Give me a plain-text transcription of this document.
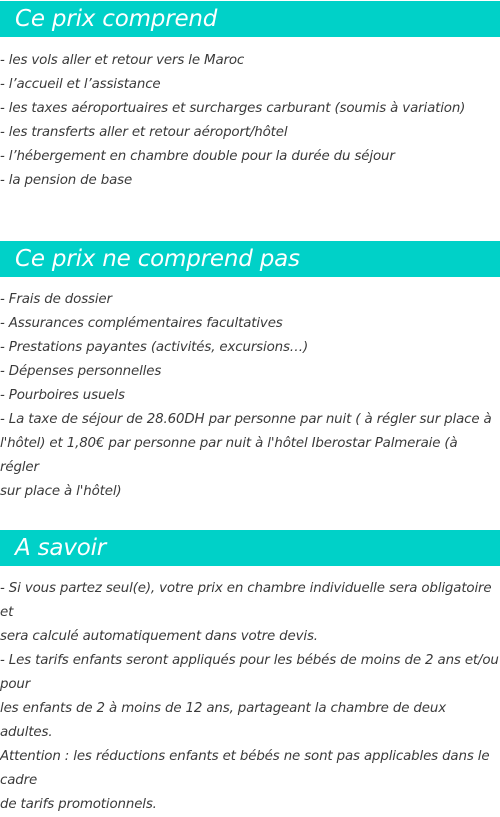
Ce prix comprend
- les vols aller et retour vers le Maroc
- l’accueil et l’assistance
- les taxes aéroportuaires et surcharges carburant (soumis à variation)
- les transferts aller et retour aéroport/hôtel
- l’hébergement en chambre double pour la durée du séjour
- la pension de base
Ce prix ne comprend pas
- Frais de dossier
- Assurances complémentaires facultatives
- Prestations payantes (activités, excursions…)
- Dépenses personnelles
- Pourboires usuels
- La taxe de séjour de 28.60DH par personne par nuit ( à régler sur place à
l'hôtel) et 1,80€ par personne par nuit à l'hôtel Iberostar Palmeraie (à régler
sur place à l'hôtel)
A savoir
- Si vous partez seul(e), votre prix en chambre individuelle sera obligatoire et
sera calculé automatiquement dans votre devis.
- Les tarifs enfants seront appliqués pour les bébés de moins de 2 ans et/ou pour
les enfants de 2 à moins de 12 ans, partageant la chambre de deux adultes.
Attention : les réductions enfants et bébés ne sont pas applicables dans le cadre
de tarifs promotionnels.
